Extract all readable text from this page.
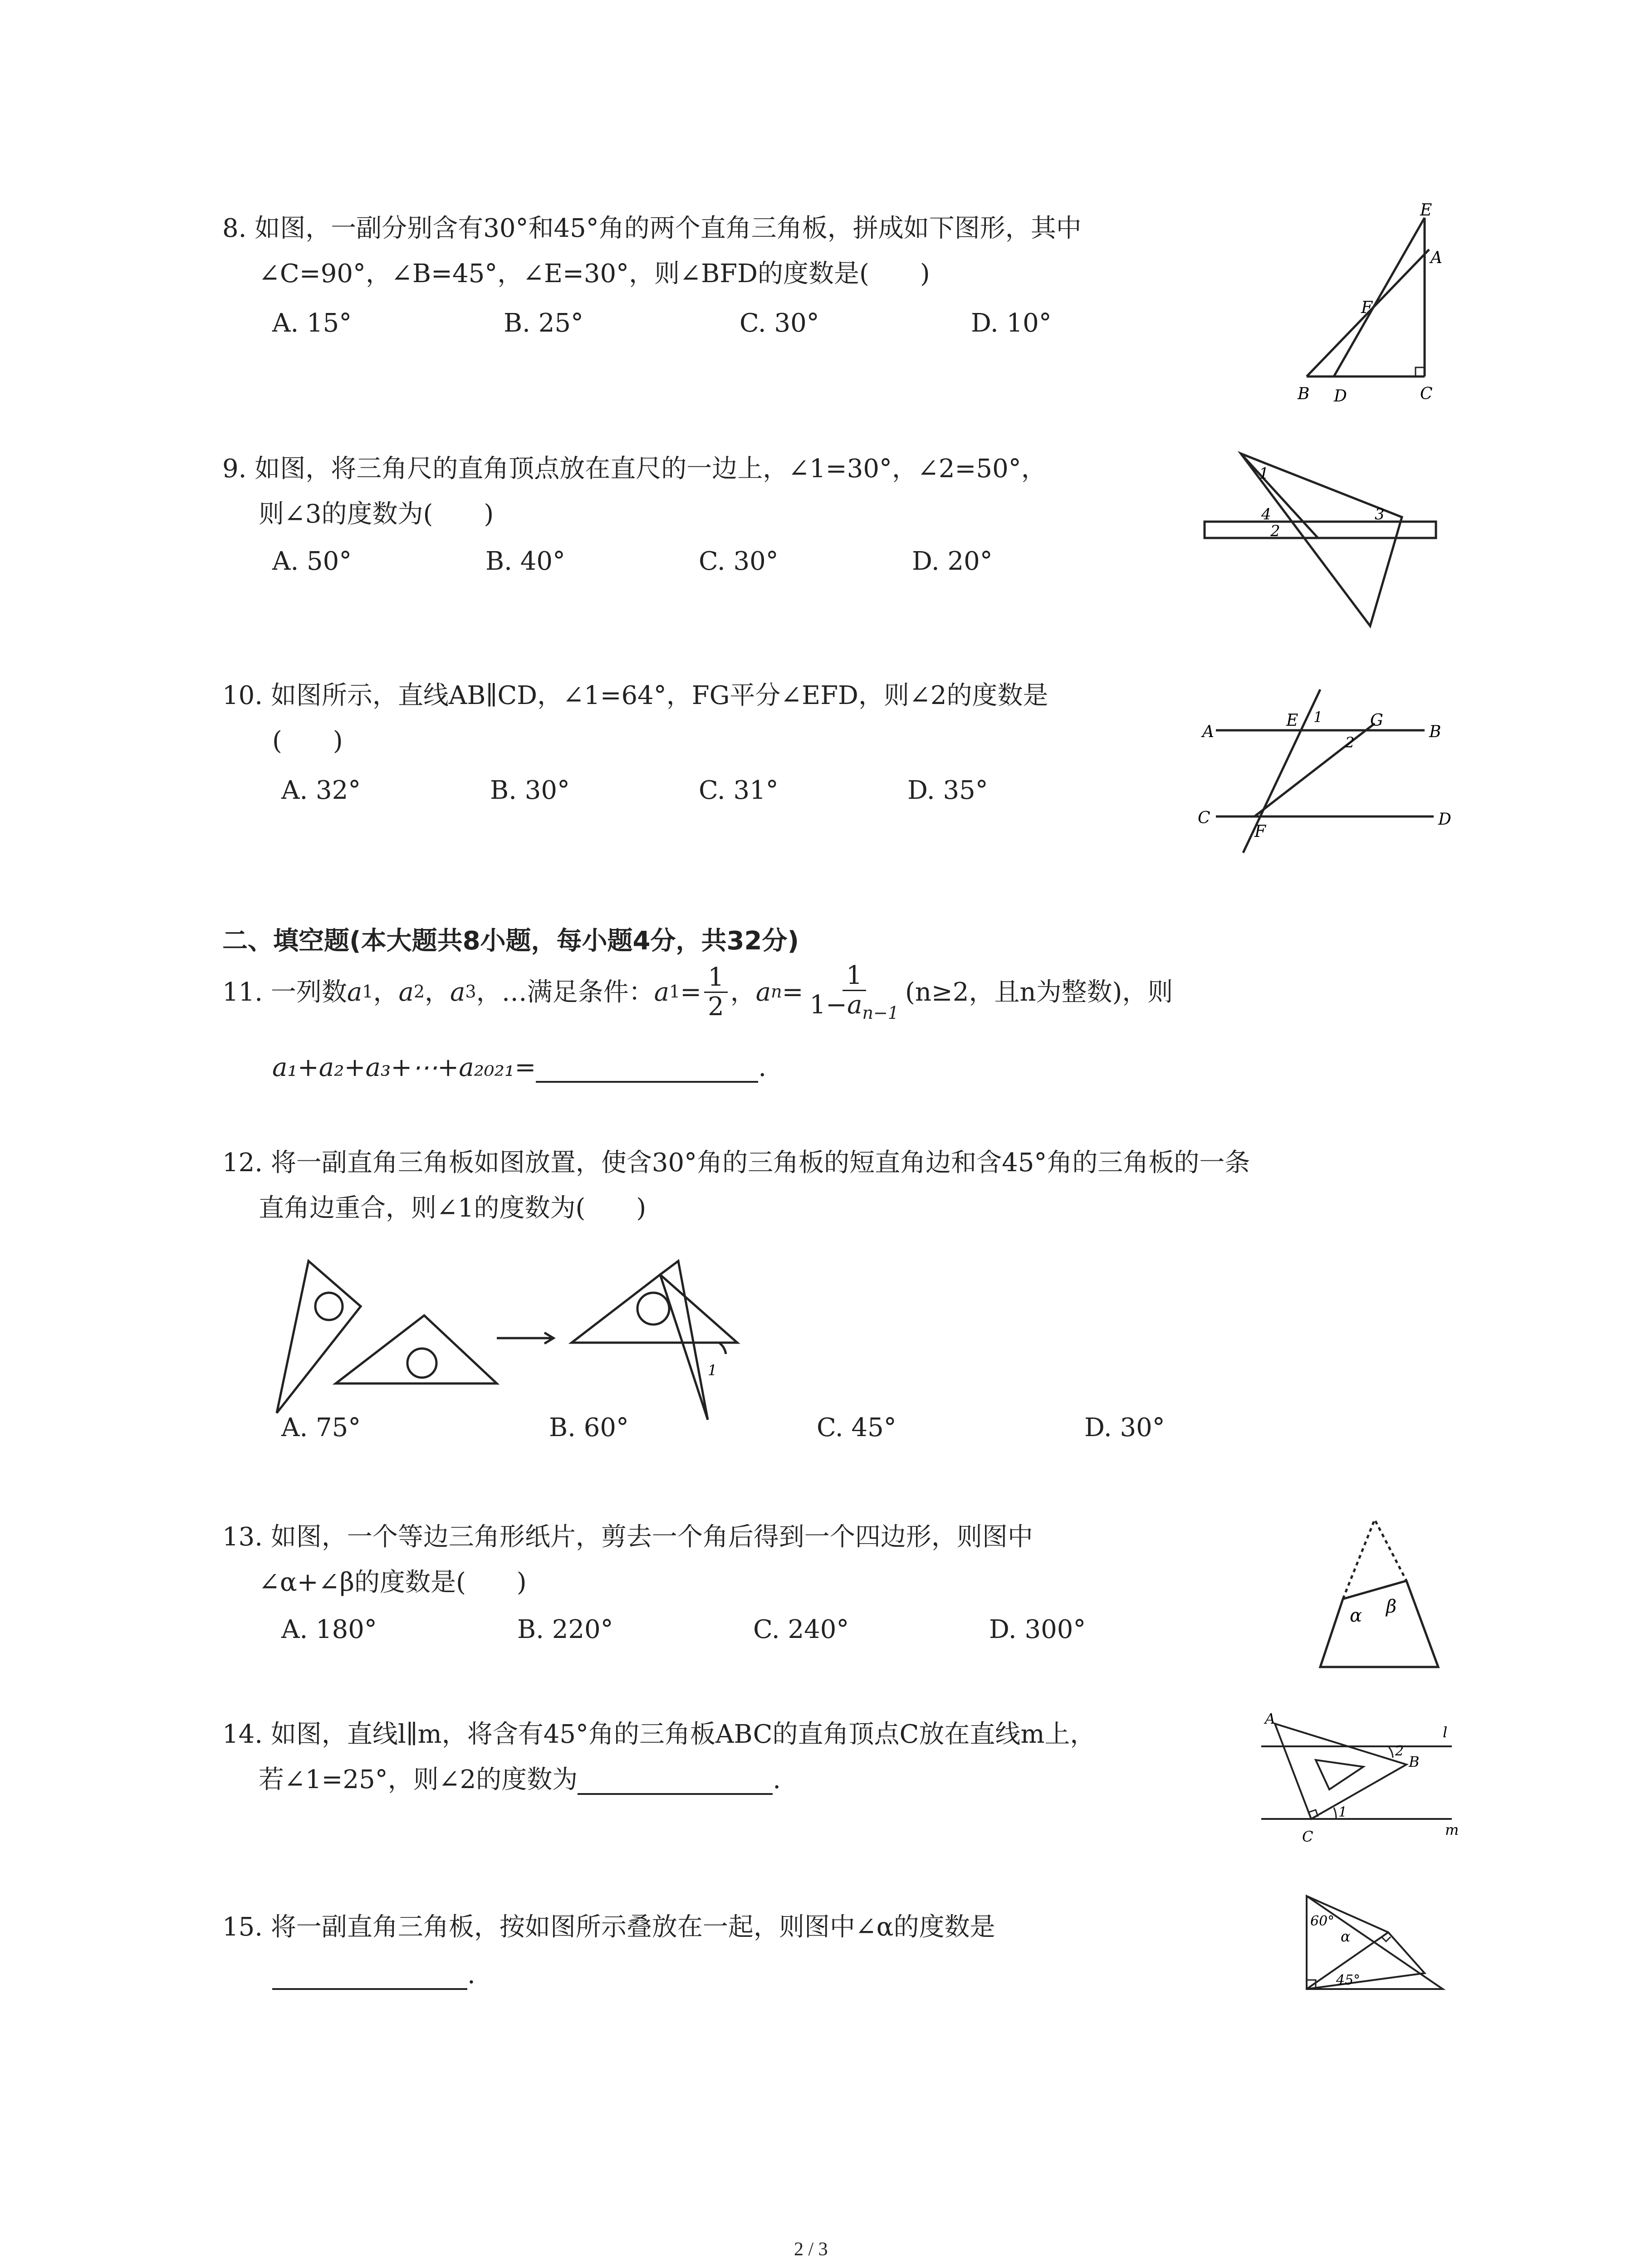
8. 如图，一副分别含有30°和45°角的两个直角三角板，拼成如下图形，其中
∠C=90°，∠B=45°，∠E=30°，则∠BFD的度数是(　　)
A. 15°	B. 25°	C. 30°	D. 10°
E
A
F
B D	C
9. 如图，将三角尺的直角顶点放在直尺的一边上，∠1=30°，∠2=50°，
则∠3的度数为(　　)
A. 50°	B. 40°	C. 30°	D. 20°
1
4
2
3
10. 如图所示，直线AB∥CD，∠1=64°，FG平分∠EFD，则∠2的度数是
(　　)
A. 32°	B. 30°	C. 31°	D. 35°
A
E 1	G
B
2
C
F
D
二、填空题(本大题共8小题，每小题4分，共32分)
11. 一列数 a 1 ， a 2 ， a 3 ，…满足条件： a $1 = \frac{1}{2}$ ， a $n = \frac{1}{1-a_{n-1}} (n\ge 2$，且n为整数)，则
a₁+a₂+a₃+⋯+a₂₀₂₁=	.
12. 将一副直角三角板如图放置，使含30°角的三角板的短直角边和含45°角的三角板的一条
直角边重合，则∠1的度数为(　　)
1
A. 75°	B. 60°	C. 45°	D. 30°
13. 如图，一个等边三角形纸片，剪去一个角后得到一个四边形，则图中
∠α+∠β的度数是(　　)
A. 180°	B. 220°	C. 240°	D. 300°	α β
14. 如图，直线l∥m，将含有45°角的三角板ABC的直角顶点C放在直线m上，
若∠1=25°，则∠2的度数为	.
A
l
2
B
1
C	m
15. 将一副直角三角板，按如图所示叠放在一起，则图中∠α的度数是
.
60°
α
45°
2 / 3
